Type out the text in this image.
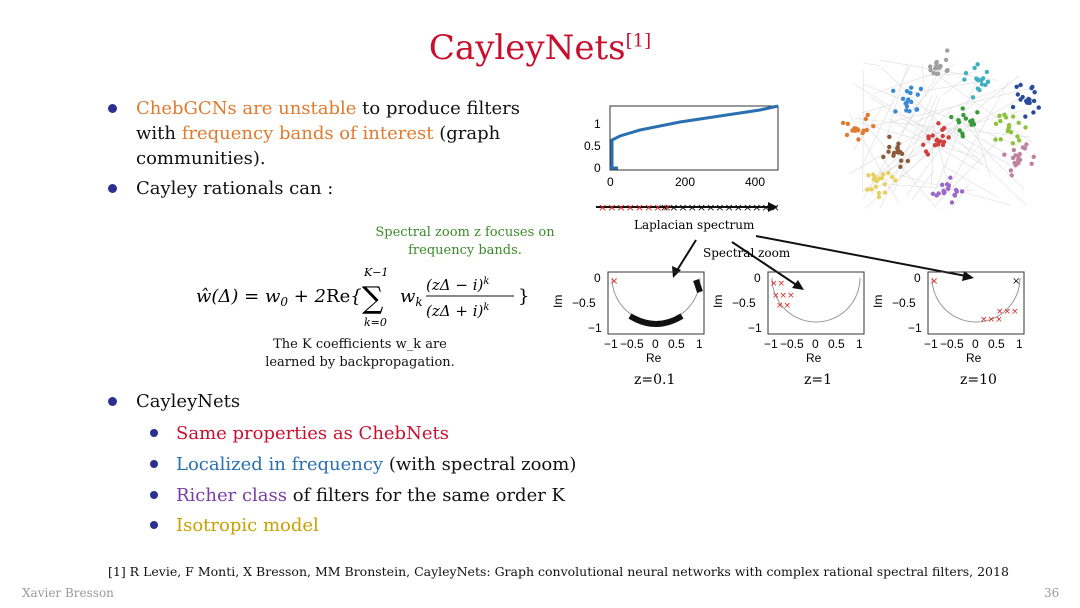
CayleyNets[1]
ChebGCNs are unstable to produce filters
with frequency bands of interest (graph
communities).
Cayley rationals can :
Spectral zoom z focuses on
frequency bands.
ŵ(Δ) = $w_0 + 2Re${
K−1
∑
k=0
$w_k$
$(z\Delta - i)^k$
$(z\Delta + i)^k$
}
The K coefficients w_k are
learned by backpropagation.
CayleyNets
Same properties as ChebNets
Localized in frequency (with spectral zoom)
Richer class of filters for the same order K
Isotropic model
1
0.5
0
0	200	400
××××××××
×××××××××××××
Laplacian spectrum
Spectral zoom
×
0
−0.5
−1
−1 −0.5 0 0.5 1
Re
Im
z=0.1
××
×××
××
0
−0.5
−1
−1 −0.5 0 0.5 1
Re
Im
z=1
×
×××
×××
×
0
−0.5
−1
−1 −0.5 0 0.5 1
Re
Im
z=10
[1] R Levie, F Monti, X Bresson, MM Bronstein, CayleyNets: Graph convolutional neural networks with complex rational spectral filters, 2018
Xavier Bresson	36
